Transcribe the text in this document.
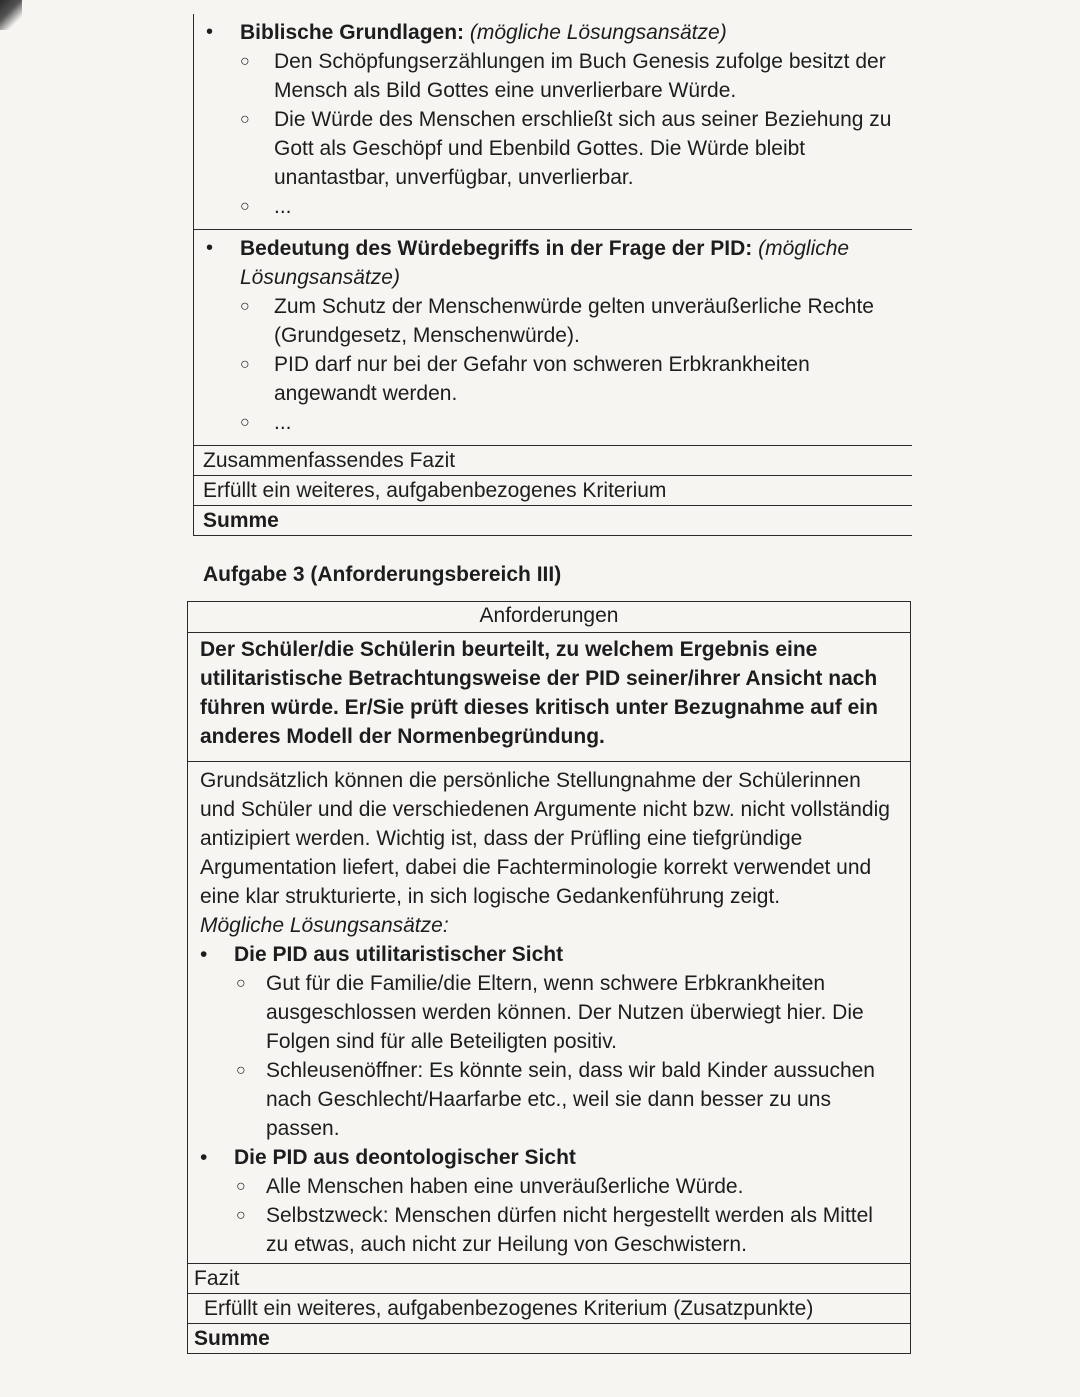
• Biblische Grundlagen: (mögliche Lösungsansätze)
○ Den Schöpfungserzählungen im Buch Genesis zufolge besitzt der Mensch als Bild Gottes eine unverlierbare Würde.
○ Die Würde des Menschen erschließt sich aus seiner Beziehung zu Gott als Geschöpf und Ebenbild Gottes. Die Würde bleibt unantastbar, unverfügbar, unverlierbar.
○ ...
• Bedeutung des Würdebegriffs in der Frage der PID: (mögliche Lösungsansätze)
○ Zum Schutz der Menschenwürde gelten unveräußerliche Rechte (Grundgesetz, Menschenwürde).
○ PID darf nur bei der Gefahr von schweren Erbkrankheiten angewandt werden.
○ ...
Zusammenfassendes Fazit
Erfüllt ein weiteres, aufgabenbezogenes Kriterium
Summe
Aufgabe 3 (Anforderungsbereich III)
Anforderungen
Der Schüler/die Schülerin beurteilt, zu welchem Ergebnis eine utilitaristische Betrachtungsweise der PID seiner/ihrer Ansicht nach führen würde. Er/Sie prüft dieses kritisch unter Bezugnahme auf ein anderes Modell der Normenbegründung.

Grundsätzlich können die persönliche Stellungnahme der Schülerinnen und Schüler und die verschiedenen Argumente nicht bzw. nicht vollständig antizipiert werden. Wichtig ist, dass der Prüfling eine tiefgründige Argumentation liefert, dabei die Fachterminologie korrekt verwendet und eine klar strukturierte, in sich logische Gedankenführung zeigt.

Mögliche Lösungsansätze:

• Die PID aus utilitaristischer Sicht
○ Gut für die Familie/die Eltern, wenn schwere Erbkrankheiten ausgeschlossen werden können. Der Nutzen überwiegt hier. Die Folgen sind für alle Beteiligten positiv.
○ Schleusenöffner: Es könnte sein, dass wir bald Kinder aussuchen nach Geschlecht/Haarfarbe etc., weil sie dann besser zu uns passen.
• Die PID aus deontologischer Sicht
○ Alle Menschen haben eine unveräußerliche Würde.
○ Selbstzweck: Menschen dürfen nicht hergestellt werden als Mittel zu etwas, auch nicht zur Heilung von Geschwistern.
Fazit
Erfüllt ein weiteres, aufgabenbezogenes Kriterium (Zusatzpunkte)
Summe
